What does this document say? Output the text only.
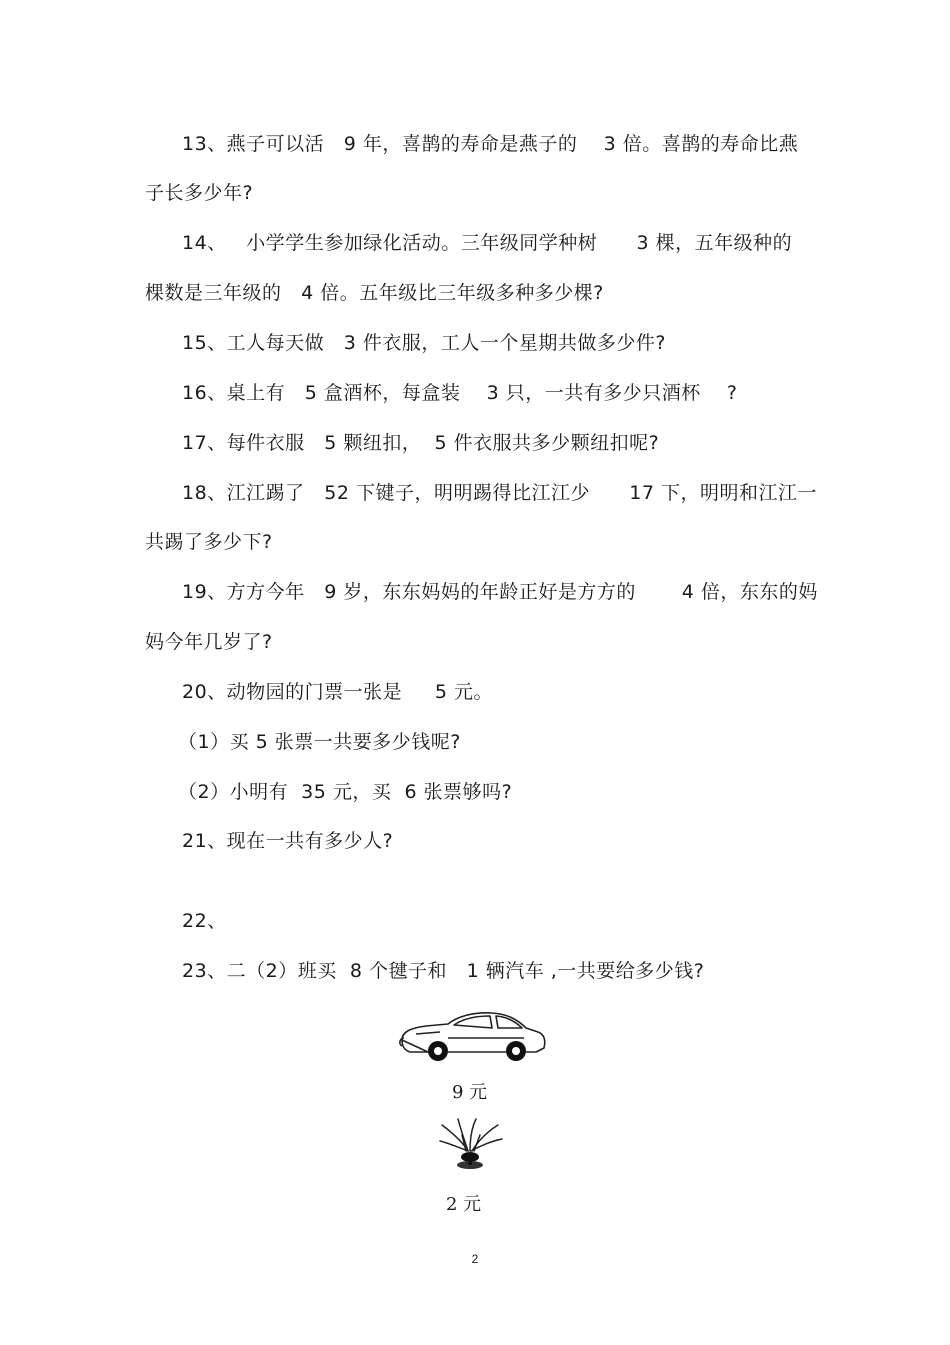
13、燕子可以活   9 年，喜鹊的寿命是燕子的    3 倍。喜鹊的寿命比燕
子长多少年?
14、   小学学生参加绿化活动。三年级同学种树      3 棵，五年级种的
棵数是三年级的   4 倍。五年级比三年级多种多少棵?
15、工人每天做   3 件衣服，工人一个星期共做多少件?
16、桌上有   5 盒酒杯，每盒装    3 只，一共有多少只酒杯    ?
17、每件衣服   5 颗纽扣，  5 件衣服共多少颗纽扣呢?
18、江江踢了   52 下键子，明明踢得比江江少      17 下，明明和江江一
共踢了多少下?
19、方方今年   9 岁，东东妈妈的年龄正好是方方的       4 倍，东东的妈
妈今年几岁了?
20、动物园的门票一张是     5 元。
（1）买 5 张票一共要多少钱呢?
（2）小明有  35 元，买  6 张票够吗?
21、现在一共有多少人?
22、
23、二（2）班买  8 个毽子和   1 辆汽车 ,一共要给多少钱?
9 元
2 元
2
